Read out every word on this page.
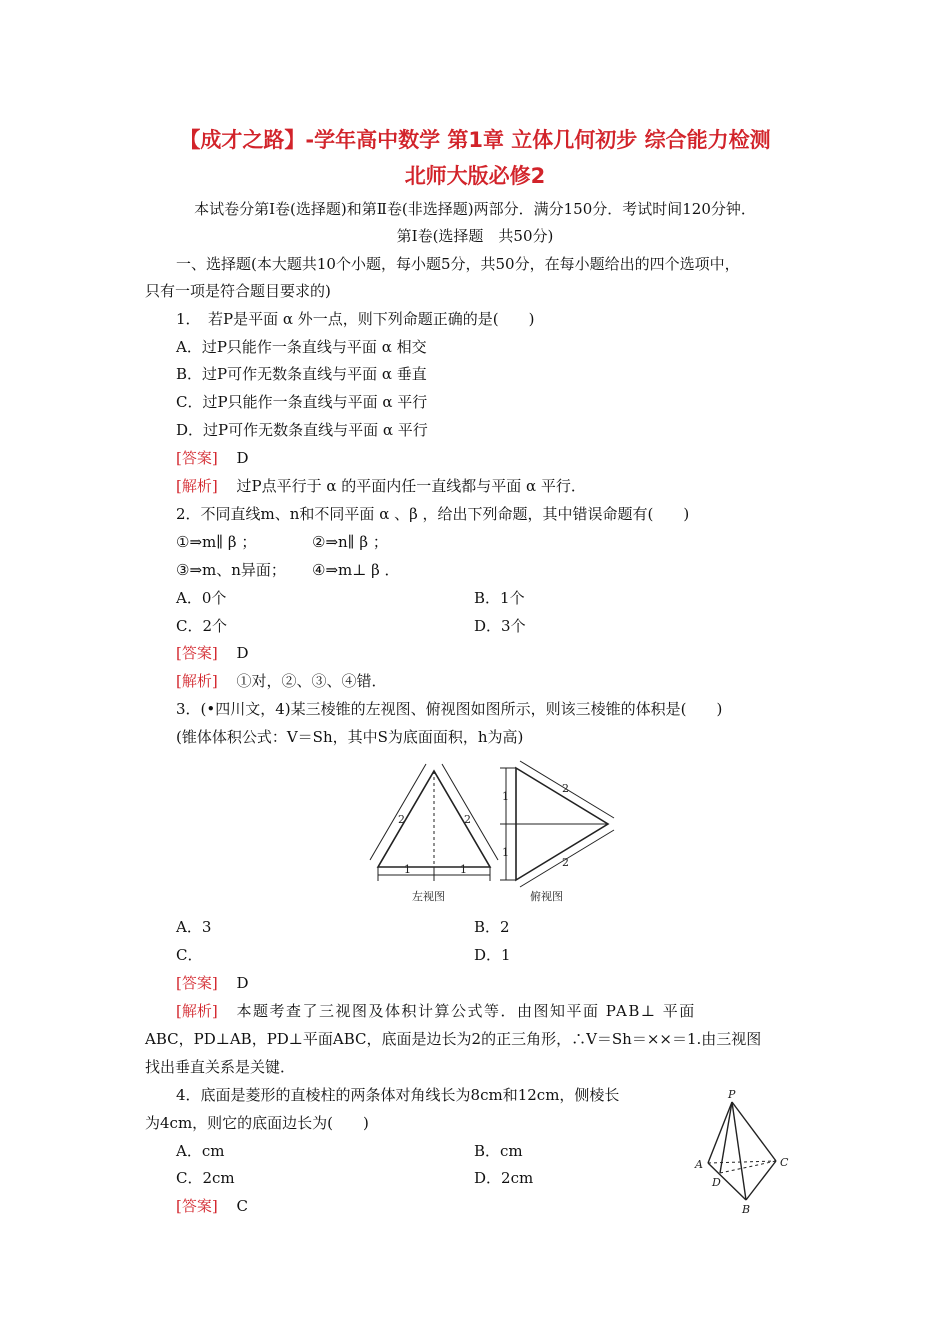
【成才之路】-学年高中数学 第1章 立体几何初步 综合能力检测
北师大版必修2
本试卷分第Ⅰ卷(选择题)和第Ⅱ卷(非选择题)两部分．满分150分．考试时间120分钟．
第Ⅰ卷(选择题　共50分)
一、选择题(本大题共10个小题，每小题5分，共50分，在每小题给出的四个选项中，
只有一项是符合题目要求的)
1．　若P是平面 α 外一点，则下列命题正确的是(　　)
A．过P只能作一条直线与平面 α 相交
B．过P可作无数条直线与平面 α 垂直
C．过P只能作一条直线与平面 α 平行
D．过P可作无数条直线与平面 α 平行
[答案] D
[解析] 过P点平行于 α 的平面内任一直线都与平面 α 平行．
2．不同直线m、n和不同平面 α 、β ，给出下列命题，其中错误命题有(　　)
①⇒m∥ β ；	②⇒n∥ β ；
③⇒m、n异面； ④⇒m⊥ β ．
A．0个	B．1个
C．2个	D．3个
[答案] D
[解析] ①对，②、③、④错．
3．(•四川文，4)某三棱锥的左视图、俯视图如图所示，则该三棱锥的体积是(　　)
(锥体体积公式：V＝Sh，其中S为底面面积，h为高)
2	2
1	1
左视图
1
1
2
2
俯视图
A．3	B．2
C．	D．1
[答案] D
[解析] 本题考查了三视图及体积计算公式等．由图知平面 PAB⊥ 平面
ABC，PD⊥AB，PD⊥平面ABC，底面是边长为2的正三角形，∴V＝Sh＝××＝1.由三视图
找出垂直关系是关键．
4．底面是菱形的直棱柱的两条体对角线长为8cm和12cm，侧棱长
为4cm，则它的底面边长为(　　)
A．cm	B．cm
C．2cm	D．2cm
[答案] C
P
A	C
D
B
